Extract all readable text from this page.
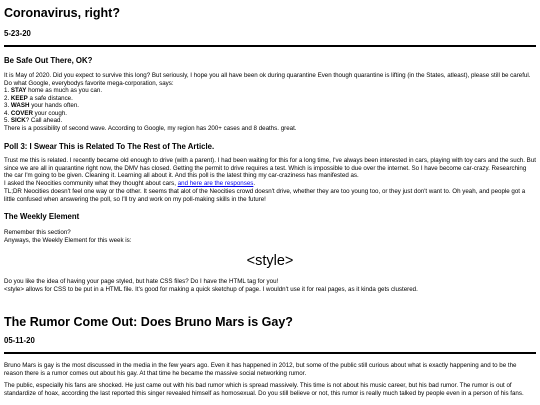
Coronavirus, right?
5-23-20
Be Safe Out There, OK?

It is May of 2020. Did you expect to survive this long? But seriously, I hope you all have been ok during quarantine Even though quarantine is lifting (in the States, atleast), please still be careful. Do what Google, everybodys favorite mega-corporation, says:

1. STAY home as much as you can.
2. KEEP a safe distance.
3. WASH your hands often.
4. COVER your cough.
5. SICK? Call ahead.
There is a possibility of second wave. According to Google, my region has 200+ cases and 8 deaths. great.
Poll 3: I Swear This is Related To The Rest of The Article.

Trust me this is related. I recently became old enough to drive (with a parent). I had been waiting for this for a long time, I've always been interested in cars, playing with toy cars and the such. But since we are all in quarantine right now, the DMV has closed. Getting the permit to drive requires a test. Which is impossible to due over the internet. So I have become car-crazy. Researching the car I'm going to be given. Cleaning it. Learning all about it. And this poll is the latest thing my car-craziness has manifested as.

I asked the Neocities community what they thought about cars, and here are the responses.

TL;DR Neocities doesn't feel one way or the other. It seems that alot of the Neocities crowd doesn't drive, whether they are too young too, or they just don't want to. Oh yeah, and people got a little confused when answering the poll, so I'll try and work on my poll-making skills in the future!

The Weekly Element

Remember this section?

Anyways, the Weekly Element for this week is:

<style>

Do you like the idea of having your page styled, but hate CSS files? Do I have the HTML tag for you!

<style> allows for CSS to be put in a HTML file. It's good for making a quick sketchup of page. I wouldn't use it for real pages, as it kinda gets clustered.

The Rumor Come Out: Does Bruno Mars is Gay?
05-11-20

Bruno Mars is gay is the most discussed in the media in the few years ago. Even it has happened in 2012, but some of the public still curious about what is exactly happening and to be the reason there is a rumor comes out about his gay. At that time he became the massive social networking rumor.

The public, especially his fans are shocked. He just came out with his bad rumor which is spread massively. This time is not about his music career, but his bad rumor. The rumor is out of standardize of hoax, according the last reported this singer revealed himself as homosexual. Do you still believe or not, this rumor is really much talked by people even in a person of his fans.
